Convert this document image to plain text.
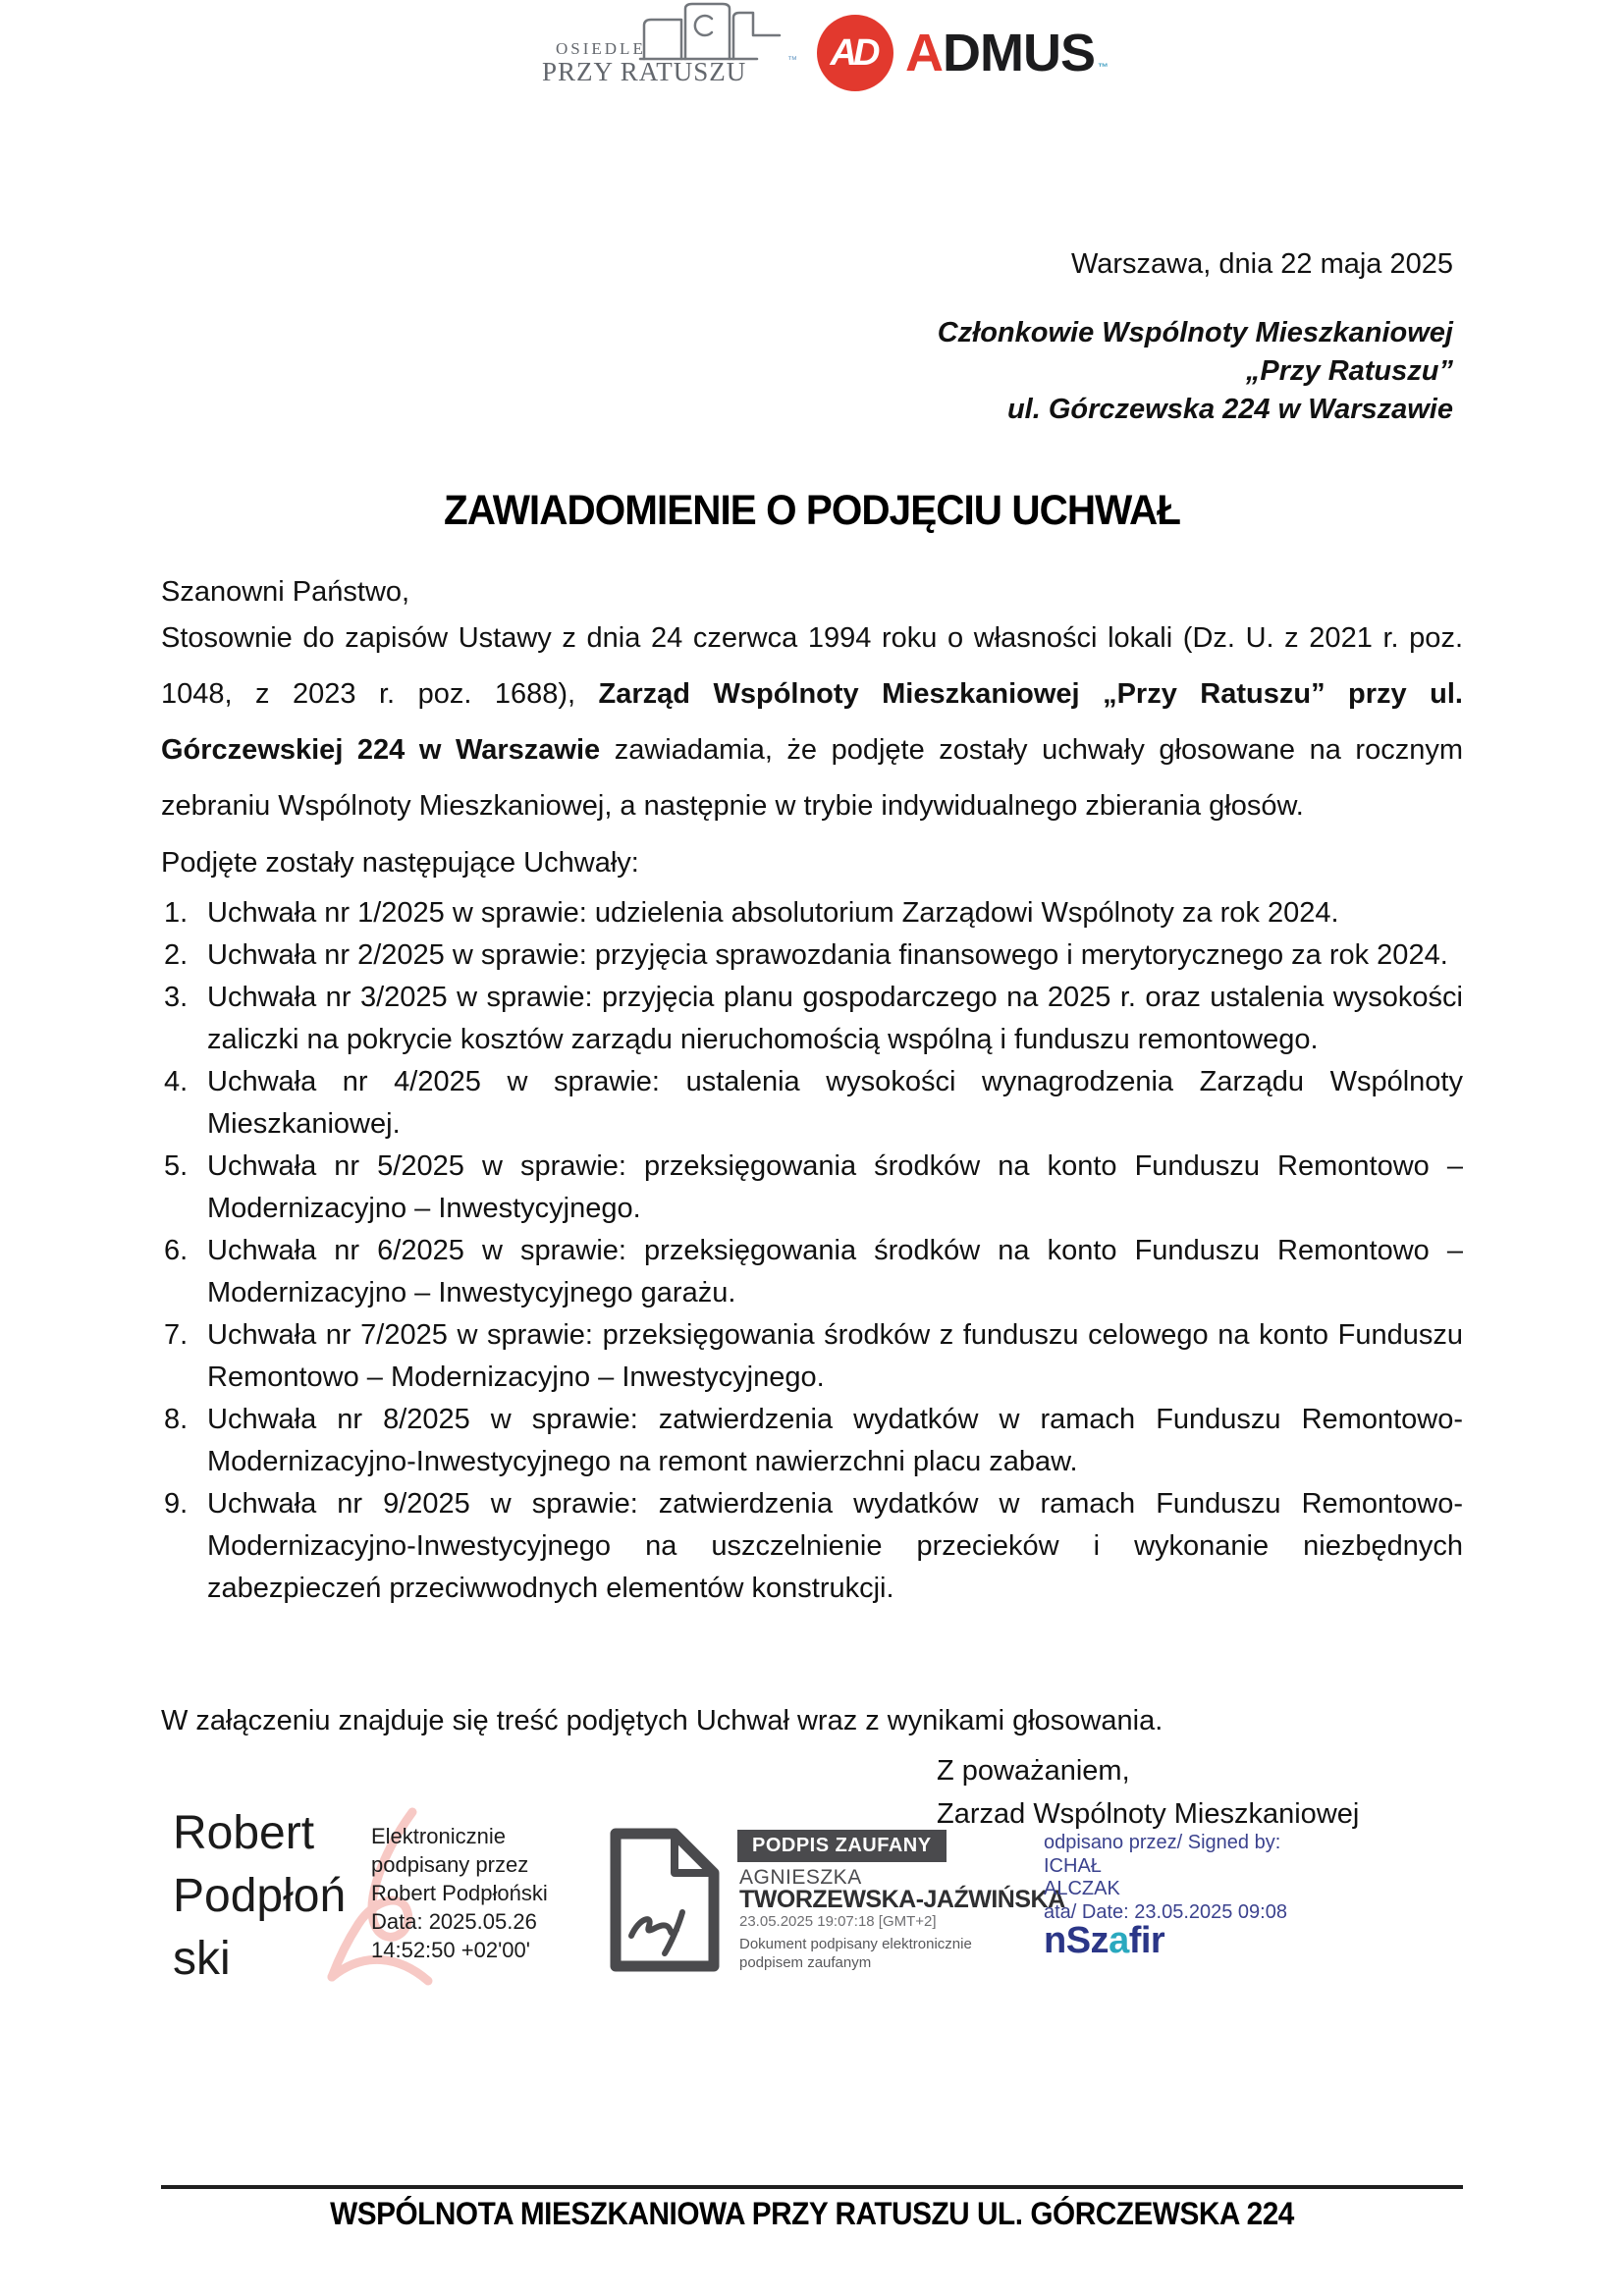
OSIEDLE
PRZY RATUSZU	™ AD A DMUS ™
Warszawa, dnia 22 maja 2025
Członkowie Wspólnoty Mieszkaniowej
„Przy Ratuszu”
ul. Górczewska 224 w Warszawie
ZAWIADOMIENIE O PODJĘCIU UCHWAŁ
Szanowni Państwo,

Stosownie do zapisów Ustawy z dnia 24 czerwca 1994 roku o własności lokali (Dz. U. z 2021 r. poz. 1048, z 2023 r. poz. 1688), Zarząd Wspólnoty Mieszkaniowej „Przy Ratuszu” przy ul. Górczewskiej 224 w Warszawie zawiadamia, że podjęte zostały uchwały głosowane na rocznym zebraniu Wspólnoty Mieszkaniowej, a następnie w trybie indywidualnego zbierania głosów.

Podjęte zostały następujące Uchwały:
1. Uchwała nr 1/2025 w sprawie: udzielenia absolutorium Zarządowi Wspólnoty za rok 2024.
2. Uchwała nr 2/2025 w sprawie: przyjęcia sprawozdania finansowego i merytorycznego za rok 2024.
3. Uchwała nr 3/2025 w sprawie: przyjęcia planu gospodarczego na 2025 r. oraz ustalenia wysokości zaliczki na pokrycie kosztów zarządu nieruchomością wspólną i funduszu remontowego.
4. Uchwała nr 4/2025 w sprawie: ustalenia wysokości wynagrodzenia Zarządu Wspólnoty Mieszkaniowej.
5. Uchwała nr 5/2025 w sprawie: przeksięgowania środków na konto Funduszu Remontowo – Modernizacyjno – Inwestycyjnego.
6. Uchwała nr 6/2025 w sprawie: przeksięgowania środków na konto Funduszu Remontowo – Modernizacyjno – Inwestycyjnego garażu.
7. Uchwała nr 7/2025 w sprawie: przeksięgowania środków z funduszu celowego na konto Funduszu Remontowo – Modernizacyjno – Inwestycyjnego.
8. Uchwała nr 8/2025 w sprawie: zatwierdzenia wydatków w ramach Funduszu Remontowo-Modernizacyjno-Inwestycyjnego na remont nawierzchni placu zabaw.
9. Uchwała nr 9/2025 w sprawie: zatwierdzenia wydatków w ramach Funduszu Remontowo-Modernizacyjno-Inwestycyjnego na uszczelnienie przecieków i wykonanie niezbędnych zabezpieczeń przeciwwodnych elementów konstrukcji.
W załączeniu znajduje się treść podjętych Uchwał wraz z wynikami głosowania.
Z poważaniem,
Zarzad Wspólnoty Mieszkaniowej
Robert
Podpłoń
ski
Elektronicznie
podpisany przez
Robert Podpłoński
Data: 2025.05.26
14:52:50 +02'00'
PODPIS ZAUFANY
AGNIESZKA
TWORZEWSKA-JAŹWIŃSKA
23.05.2025 19:07:18 [GMT+2]
Dokument podpisany elektronicznie podpisem zaufanym
odpisano przez/ Signed by:
ICHAŁ
ALCZAK
ata/ Date: 23.05.2025 09:08
nSzafir
WSPÓLNOTA MIESZKANIOWA PRZY RATUSZU UL. GÓRCZEWSKA 224
